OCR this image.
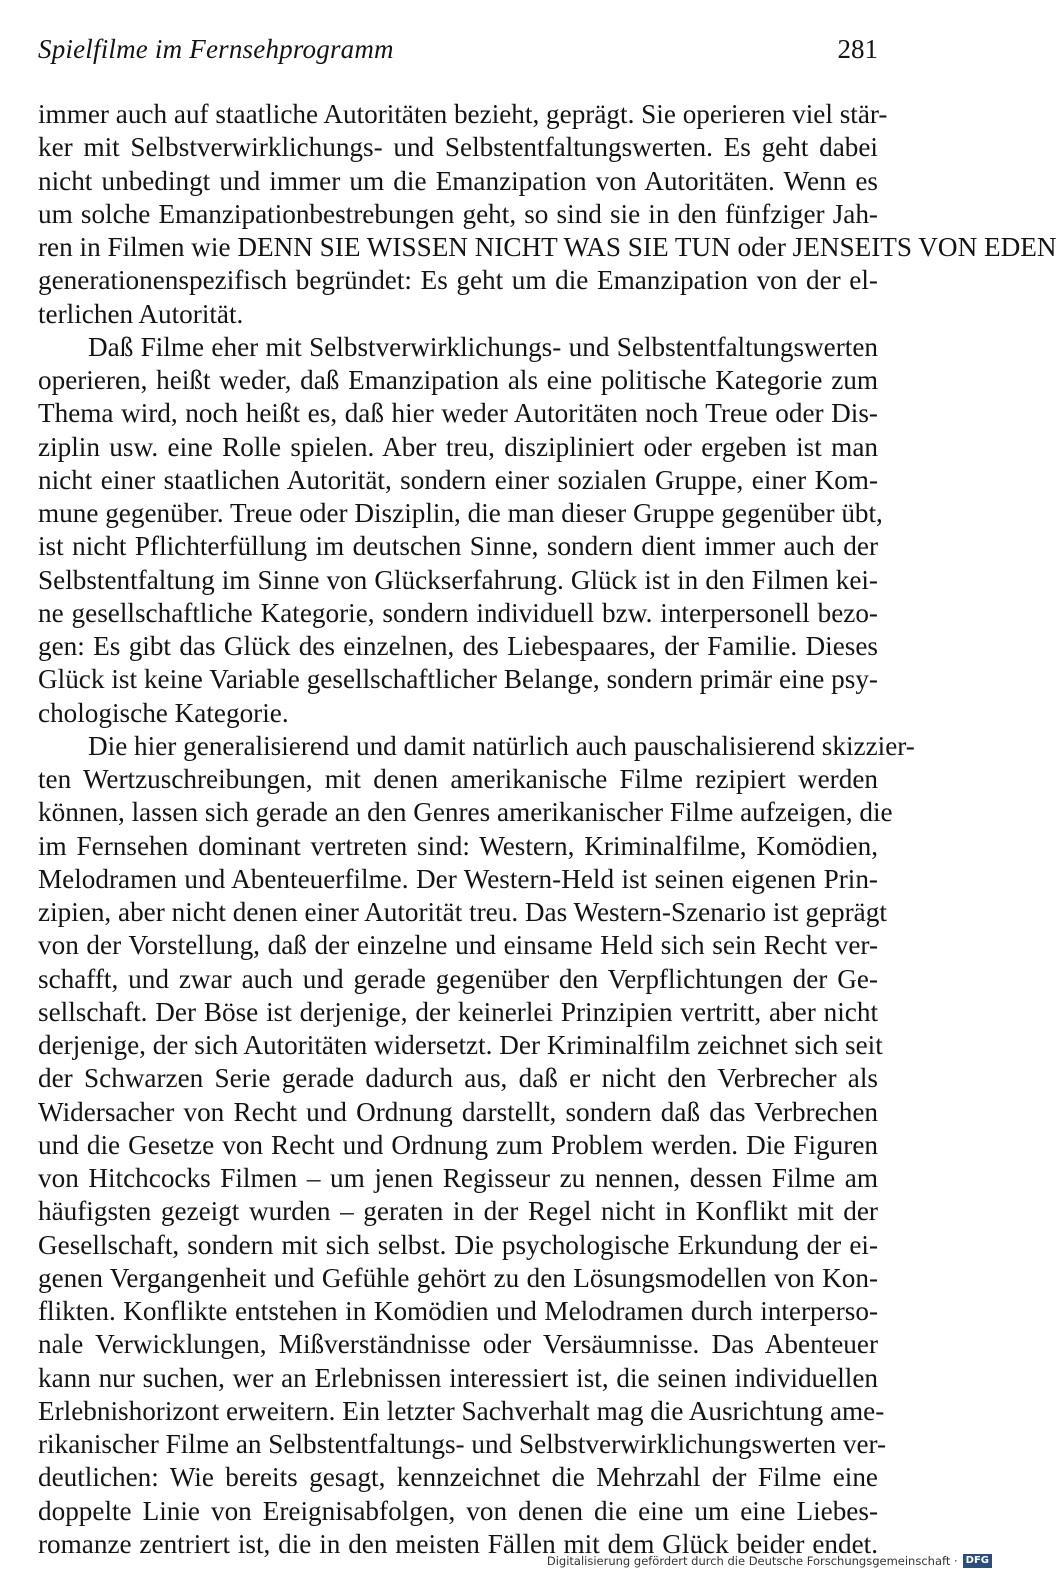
Spielfilme im Fernsehprogramm	281
immer auch auf staatliche Autoritäten bezieht, geprägt. Sie operieren viel stär-
ker mit Selbstverwirklichungs- und Selbstentfaltungswerten. Es geht dabei
nicht unbedingt und immer um die Emanzipation von Autoritäten. Wenn es
um solche Emanzipationbestrebungen geht, so sind sie in den fünfziger Jah-
ren in Filmen wie DENN SIE WISSEN NICHT WAS SIE TUN oder JENSEITS VON EDEN
generationenspezifisch begründet: Es geht um die Emanzipation von der el-
terlichen Autorität.
Daß Filme eher mit Selbstverwirklichungs- und Selbstentfaltungswerten
operieren, heißt weder, daß Emanzipation als eine politische Kategorie zum
Thema wird, noch heißt es, daß hier weder Autoritäten noch Treue oder Dis-
ziplin usw. eine Rolle spielen. Aber treu, diszipliniert oder ergeben ist man
nicht einer staatlichen Autorität, sondern einer sozialen Gruppe, einer Kom-
mune gegenüber. Treue oder Disziplin, die man dieser Gruppe gegenüber übt,
ist nicht Pflichterfüllung im deutschen Sinne, sondern dient immer auch der
Selbstentfaltung im Sinne von Glückserfahrung. Glück ist in den Filmen kei-
ne gesellschaftliche Kategorie, sondern individuell bzw. interpersonell bezo-
gen: Es gibt das Glück des einzelnen, des Liebespaares, der Familie. Dieses
Glück ist keine Variable gesellschaftlicher Belange, sondern primär eine psy-
chologische Kategorie.
Die hier generalisierend und damit natürlich auch pauschalisierend skizzier-
ten Wertzuschreibungen, mit denen amerikanische Filme rezipiert werden
können, lassen sich gerade an den Genres amerikanischer Filme aufzeigen, die
im Fernsehen dominant vertreten sind: Western, Kriminalfilme, Komödien,
Melodramen und Abenteuerfilme. Der Western-Held ist seinen eigenen Prin-
zipien, aber nicht denen einer Autorität treu. Das Western-Szenario ist geprägt
von der Vorstellung, daß der einzelne und einsame Held sich sein Recht ver-
schafft, und zwar auch und gerade gegenüber den Verpflichtungen der Ge-
sellschaft. Der Böse ist derjenige, der keinerlei Prinzipien vertritt, aber nicht
derjenige, der sich Autoritäten widersetzt. Der Kriminalfilm zeichnet sich seit
der Schwarzen Serie gerade dadurch aus, daß er nicht den Verbrecher als
Widersacher von Recht und Ordnung darstellt, sondern daß das Verbrechen
und die Gesetze von Recht und Ordnung zum Problem werden. Die Figuren
von Hitchcocks Filmen – um jenen Regisseur zu nennen, dessen Filme am
häufigsten gezeigt wurden – geraten in der Regel nicht in Konflikt mit der
Gesellschaft, sondern mit sich selbst. Die psychologische Erkundung der ei-
genen Vergangenheit und Gefühle gehört zu den Lösungsmodellen von Kon-
flikten. Konflikte entstehen in Komödien und Melodramen durch interperso-
nale Verwicklungen, Mißverständnisse oder Versäumnisse. Das Abenteuer
kann nur suchen, wer an Erlebnissen interessiert ist, die seinen individuellen
Erlebnishorizont erweitern. Ein letzter Sachverhalt mag die Ausrichtung ame-
rikanischer Filme an Selbstentfaltungs- und Selbstverwirklichungswerten ver-
deutlichen: Wie bereits gesagt, kennzeichnet die Mehrzahl der Filme eine
doppelte Linie von Ereignisabfolgen, von denen die eine um eine Liebes-
romanze zentriert ist, die in den meisten Fällen mit dem Glück beider endet.
Digitalisierung gefördert durch die Deutsche Forschungsgemeinschaft · DFG
